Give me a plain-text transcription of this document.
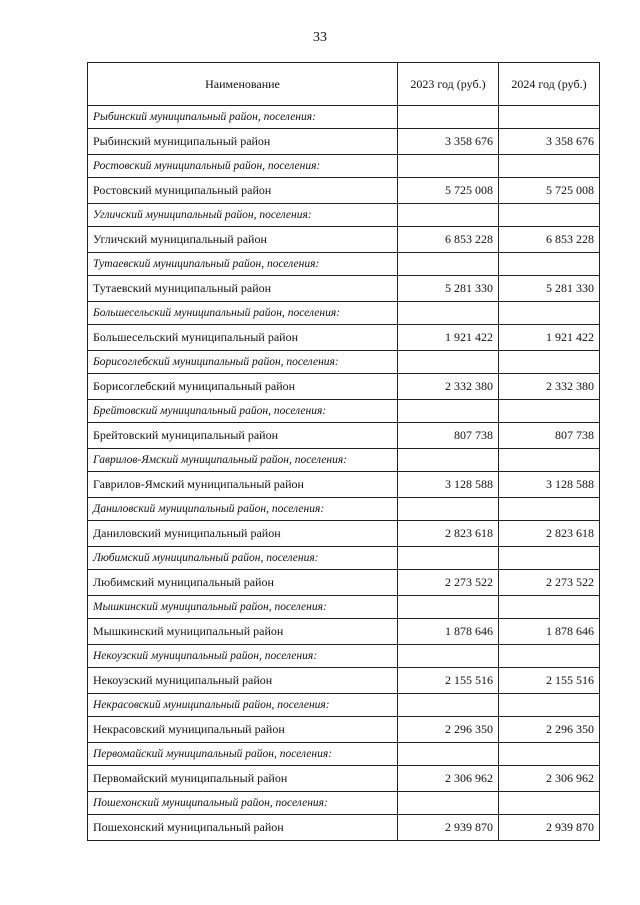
33
Наименование	2023 год (руб.)	2024 год (руб.)
Рыбинский муниципальный район, поселения:		
Рыбинский муниципальный район	3 358 676	3 358 676
Ростовский муниципальный район, поселения:		
Ростовский муниципальный район	5 725 008	5 725 008
Угличский муниципальный район, поселения:		
Угличский муниципальный район	6 853 228	6 853 228
Тутаевский муниципальный район, поселения:		
Тутаевский муниципальный район	5 281 330	5 281 330
Большесельский муниципальный район, поселения:		
Большесельский муниципальный район	1 921 422	1 921 422
Борисоглебский муниципальный район, поселения:		
Борисоглебский муниципальный район	2 332 380	2 332 380
Брейтовский муниципальный район, поселения:		
Брейтовский муниципальный район	807 738	807 738
Гаврилов-Ямский муниципальный район, поселения:		
Гаврилов-Ямский муниципальный район	3 128 588	3 128 588
Даниловский муниципальный район, поселения:		
Даниловский муниципальный район	2 823 618	2 823 618
Любимский муниципальный район, поселения:		
Любимский муниципальный район	2 273 522	2 273 522
Мышкинский муниципальный район, поселения:		
Мышкинский муниципальный район	1 878 646	1 878 646
Некоузский муниципальный район, поселения:		
Некоузский муниципальный район	2 155 516	2 155 516
Некрасовский муниципальный район, поселения:		
Некрасовский муниципальный район	2 296 350	2 296 350
Первомайский муниципальный район, поселения:		
Первомайский муниципальный район	2 306 962	2 306 962
Пошехонский муниципальный район, поселения:		
Пошехонский муниципальный район	2 939 870	2 939 870
